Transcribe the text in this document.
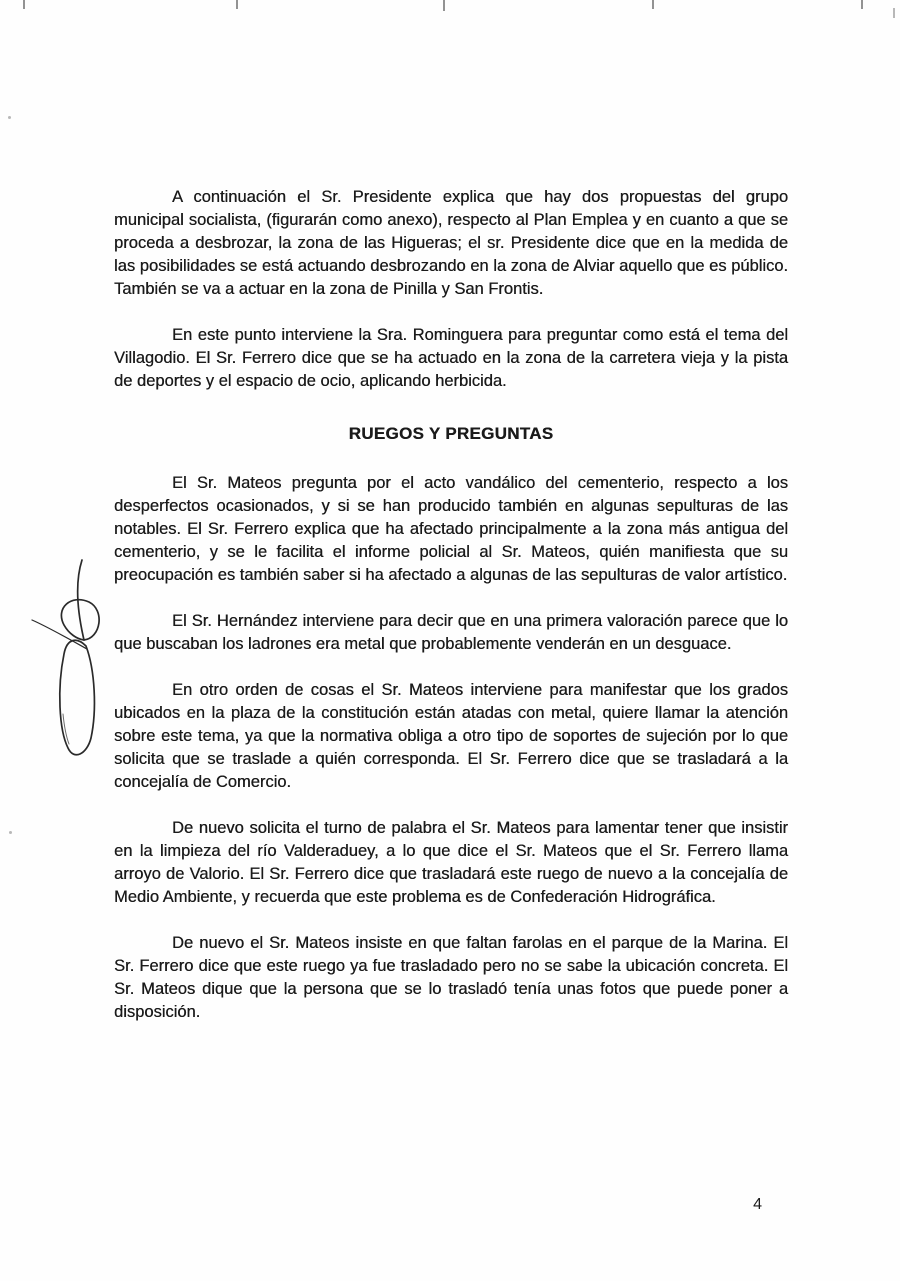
A continuación el Sr. Presidente explica que hay dos propuestas del grupo municipal socialista, (figurarán como anexo), respecto al Plan Emplea y en cuanto a que se proceda a desbrozar, la zona de las Higueras; el sr. Presidente dice que en la medida de las posibilidades se está actuando desbrozando en la zona de Alviar aquello que es público. También se va a actuar en la zona de Pinilla y San Frontis.

En este punto interviene la Sra. Rominguera para preguntar como está el tema del Villagodio. El Sr. Ferrero dice que se ha actuado en la zona de la carretera vieja y la pista de deportes y el espacio de ocio, aplicando herbicida.

RUEGOS Y PREGUNTAS

El Sr. Mateos pregunta por el acto vandálico del cementerio, respecto a los desperfectos ocasionados, y si se han producido también en algunas sepulturas de las notables. El Sr. Ferrero explica que ha afectado principalmente a la zona más antigua del cementerio, y se le facilita el informe policial al Sr. Mateos, quién manifiesta que su preocupación es también saber si ha afectado a algunas de las sepulturas de valor artístico.

El Sr. Hernández interviene para decir que en una primera valoración parece que lo que buscaban los ladrones era metal que probablemente venderán en un desguace.

En otro orden de cosas el Sr. Mateos interviene para manifestar que los grados ubicados en la plaza de la constitución están atadas con metal, quiere llamar la atención sobre este tema, ya que la normativa obliga a otro tipo de soportes de sujeción por lo que solicita que se traslade a quién corresponda. El Sr. Ferrero dice que se trasladará a la concejalía de Comercio.

De nuevo solicita el turno de palabra el Sr. Mateos para lamentar tener que insistir en la limpieza del río Valderaduey, a lo que dice el Sr. Mateos que el Sr. Ferrero llama arroyo de Valorio. El Sr. Ferrero dice que trasladará este ruego de nuevo a la concejalía de Medio Ambiente, y recuerda que este problema es de Confederación Hidrográfica.

De nuevo el Sr. Mateos insiste en que faltan farolas en el parque de la Marina. El Sr. Ferrero dice que este ruego ya fue trasladado pero no se sabe la ubicación concreta. El Sr. Mateos dique que la persona que se lo trasladó tenía unas fotos que puede poner a disposición.

4
